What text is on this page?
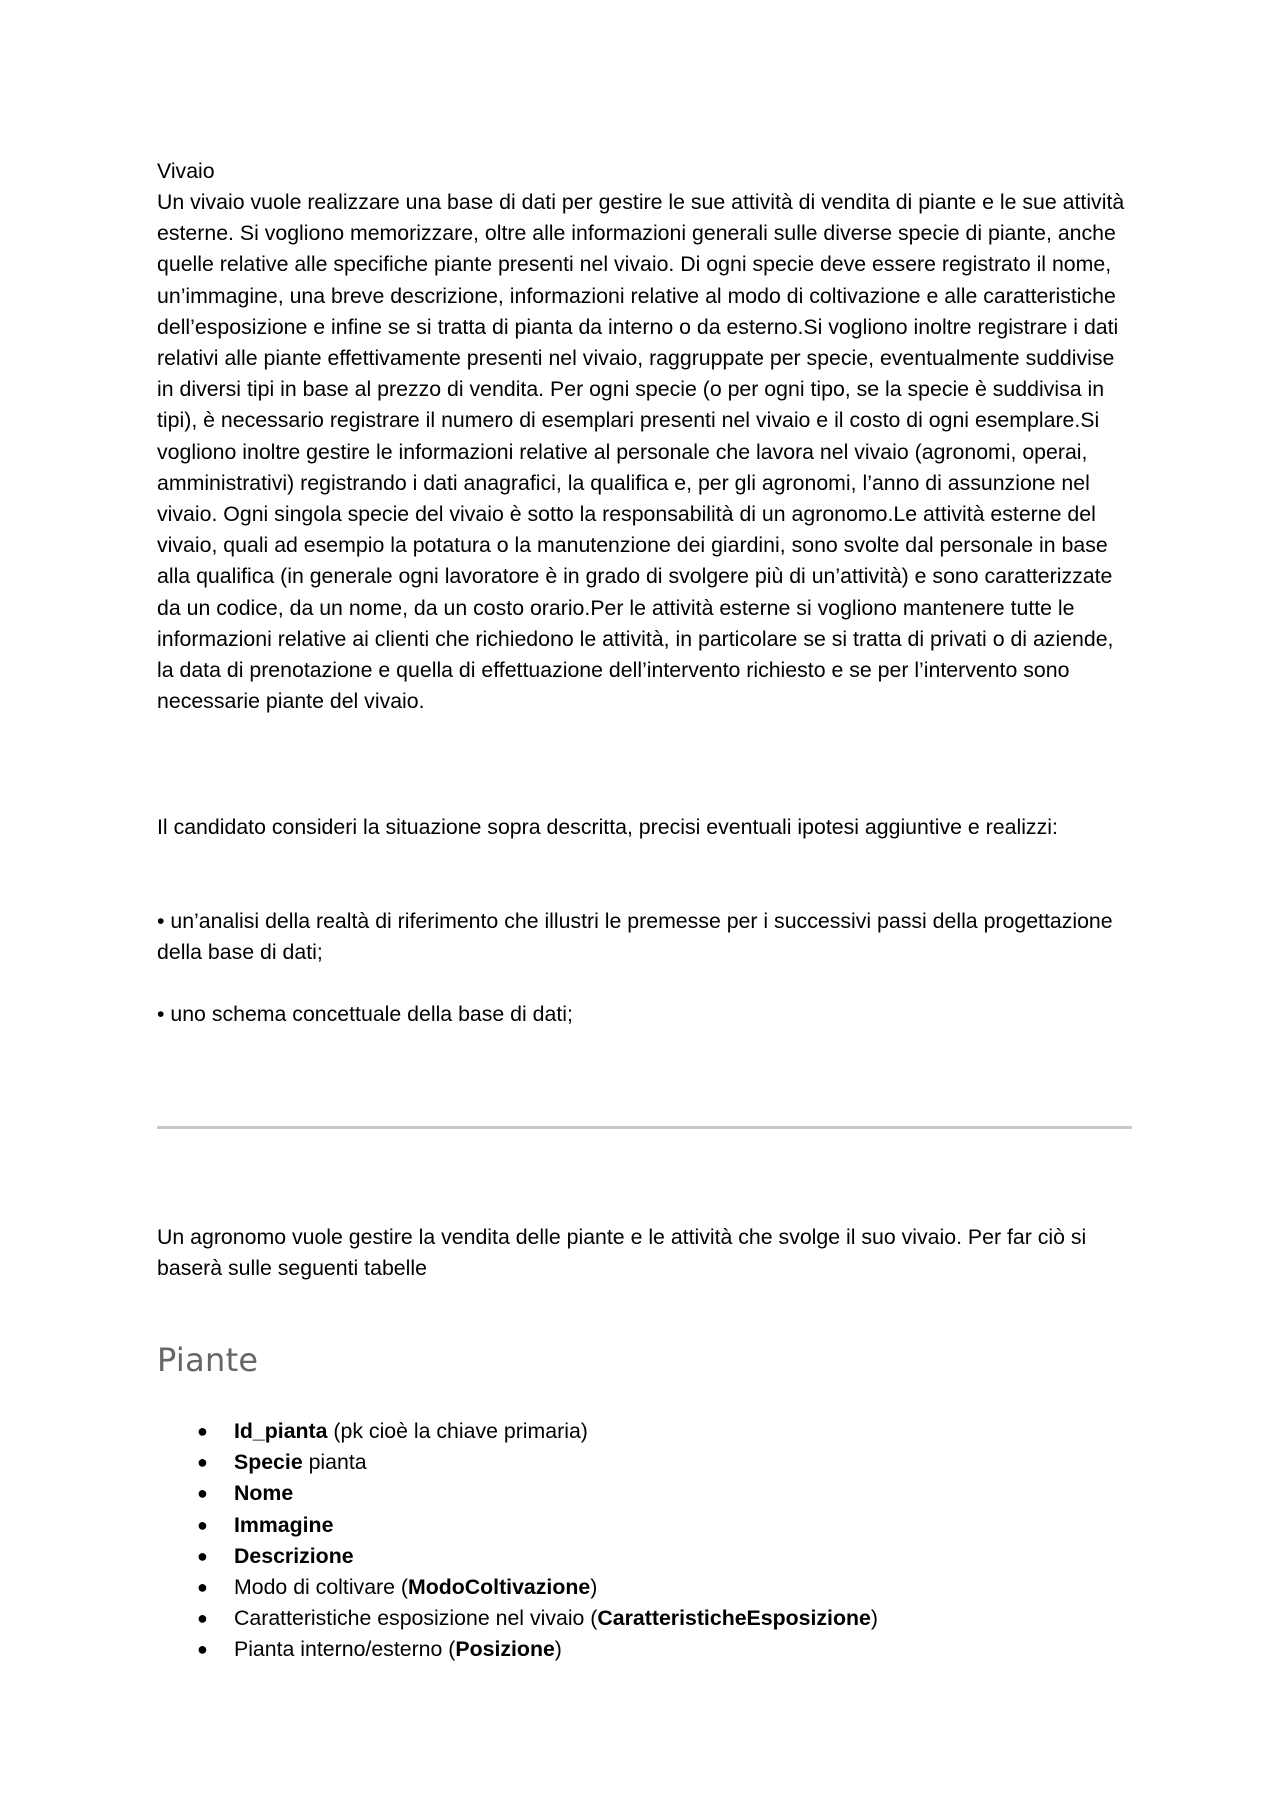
Vivaio

Un vivaio vuole realizzare una base di dati per gestire le sue attività di vendita di piante e le sue attività esterne. Si vogliono memorizzare, oltre alle informazioni generali sulle diverse specie di piante, anche quelle relative alle specifiche piante presenti nel vivaio. Di ogni specie deve essere registrato il nome, un’immagine, una breve descrizione, informazioni relative al modo di coltivazione e alle caratteristiche dell’esposizione e infine se si tratta di pianta da interno o da esterno.Si vogliono inoltre registrare i dati relativi alle piante effettivamente presenti nel vivaio, raggruppate per specie, eventualmente suddivise in diversi tipi in base al prezzo di vendita. Per ogni specie (o per ogni tipo, se la specie è suddivisa in tipi), è necessario registrare il numero di esemplari presenti nel vivaio e il costo di ogni esemplare.Si vogliono inoltre gestire le informazioni relative al personale che lavora nel vivaio (agronomi, operai, amministrativi) registrando i dati anagrafici, la qualifica e, per gli agronomi, l’anno di assunzione nel vivaio. Ogni singola specie del vivaio è sotto la responsabilità di un agronomo.Le attività esterne del vivaio, quali ad esempio la potatura o la manutenzione dei giardini, sono svolte dal personale in base alla qualifica (in generale ogni lavoratore è in grado di svolgere più di un’attività) e sono caratterizzate da un codice, da un nome, da un costo orario.Per le attività esterne si vogliono mantenere tutte le informazioni relative ai clienti che richiedono le attività, in particolare se si tratta di privati o di aziende, la data di prenotazione e quella di effettuazione dell’intervento richiesto e se per l’intervento sono necessarie piante del vivaio.

Il candidato consideri la situazione sopra descritta, precisi eventuali ipotesi aggiuntive e realizzi:

• un’analisi della realtà di riferimento che illustri le premesse per i successivi passi della progettazione della base di dati;

• uno schema concettuale della base di dati;

Un agronomo vuole gestire la vendita delle piante e le attività che svolge il suo vivaio. Per far ciò si baserà sulle seguenti tabelle

Piante
● Id_pianta (pk cioè la chiave primaria)
● Specie pianta
● Nome
● Immagine
● Descrizione
● Modo di coltivare (ModoColtivazione)
● Caratteristiche esposizione nel vivaio (CaratteristicheEsposizione)
● Pianta interno/esterno (Posizione)
